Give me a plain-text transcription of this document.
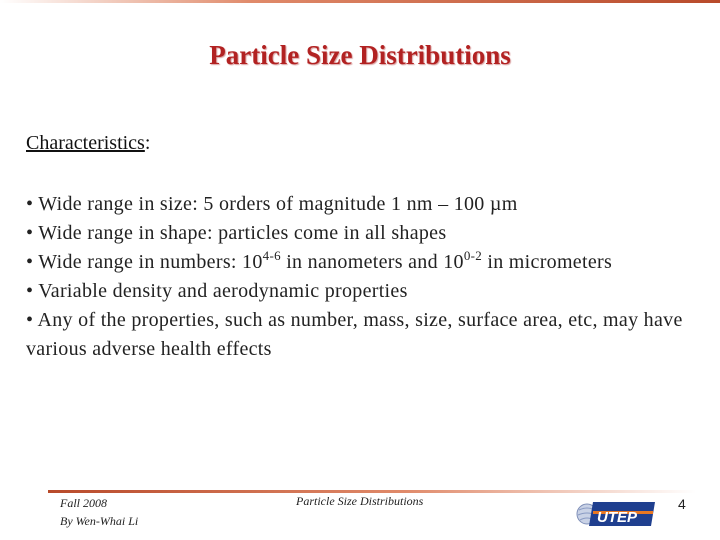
Particle Size Distributions
Characteristics:

• Wide range in size: 5 orders of magnitude 1 nm – 100 µm

• Wide range in shape: particles come in all shapes

• Wide range in numbers: 10$^{4-6}$ in nanometers and 10$^{0-2}$ in micrometers

• Variable density and aerodynamic properties

• Any of the properties, such as number, mass, size, surface area, etc, may have various adverse health effects

Fall 2008
By Wen-Whai Li
Particle Size Distributions
UTEP
4
